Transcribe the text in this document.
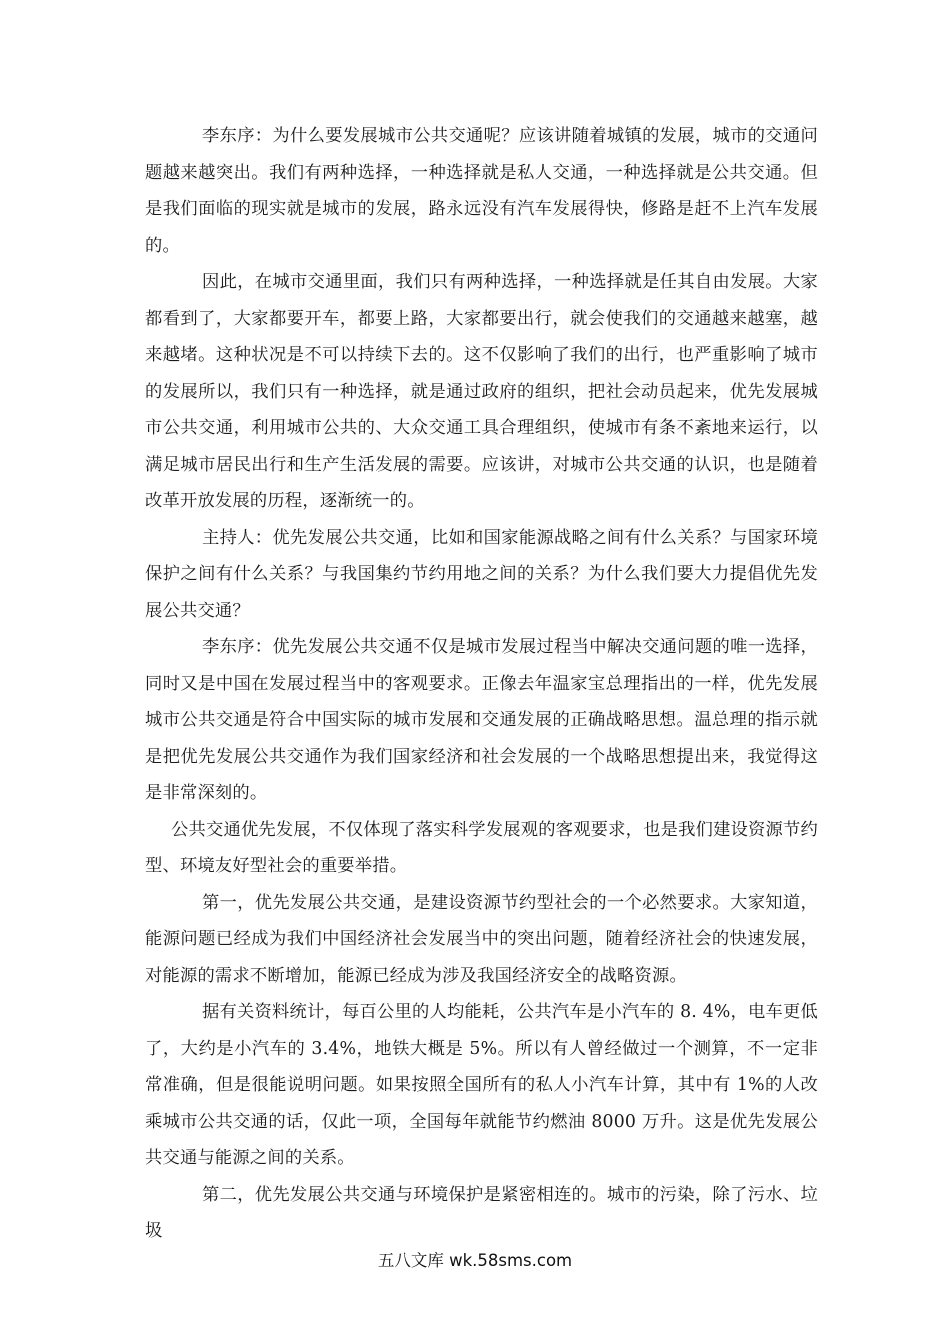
李东序：为什么要发展城市公共交通呢？应该讲随着城镇的发展，城市的交通问题越来越突出。我们有两种选择，一种选择就是私人交通，一种选择就是公共交通。但是我们面临的现实就是城市的发展，路永远没有汽车发展得快，修路是赶不上汽车发展的。

因此，在城市交通里面，我们只有两种选择，一种选择就是任其自由发展。大家都看到了，大家都要开车，都要上路，大家都要出行，就会使我们的交通越来越塞，越来越堵。这种状况是不可以持续下去的。这不仅影响了我们的出行，也严重影响了城市的发展所以，我们只有一种选择，就是通过政府的组织，把社会动员起来，优先发展城市公共交通，利用城市公共的、大众交通工具合理组织，使城市有条不紊地来运行，以满足城市居民出行和生产生活发展的需要。应该讲，对城市公共交通的认识，也是随着改革开放发展的历程，逐渐统一的。

主持人：优先发展公共交通，比如和国家能源战略之间有什么关系？与国家环境保护之间有什么关系？与我国集约节约用地之间的关系？为什么我们要大力提倡优先发展公共交通？

李东序：优先发展公共交通不仅是城市发展过程当中解决交通问题的唯一选择，同时又是中国在发展过程当中的客观要求。正像去年温家宝总理指出的一样，优先发展城市公共交通是符合中国实际的城市发展和交通发展的正确战略思想。温总理的指示就是把优先发展公共交通作为我们国家经济和社会发展的一个战略思想提出来，我觉得这是非常深刻的。

公共交通优先发展，不仅体现了落实科学发展观的客观要求，也是我们建设资源节约型、环境友好型社会的重要举措。

第一，优先发展公共交通，是建设资源节约型社会的一个必然要求。大家知道，能源问题已经成为我们中国经济社会发展当中的突出问题，随着经济社会的快速发展，对能源的需求不断增加，能源已经成为涉及我国经济安全的战略资源。

据有关资料统计，每百公里的人均能耗，公共汽车是小汽车的 8. 4%，电车更低了，大约是小汽车的 3.4%，地铁大概是 5%。所以有人曾经做过一个测算，不一定非常准确，但是很能说明问题。如果按照全国所有的私人小汽车计算，其中有 1%的人改乘城市公共交通的话，仅此一项，全国每年就能节约燃油 8000 万升。这是优先发展公共交通与能源之间的关系。

第二，优先发展公共交通与环境保护是紧密相连的。城市的污染，除了污水、垃圾

五八文库 wk.58sms.com
